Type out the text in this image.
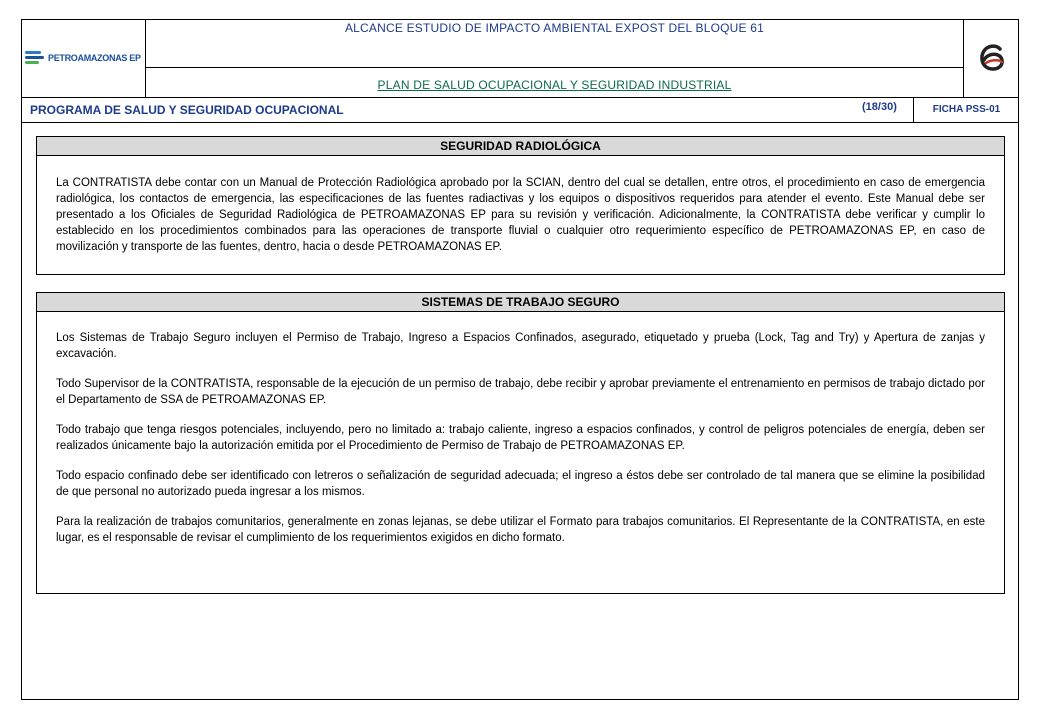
PETROAMAZONAS EP
ALCANCE ESTUDIO DE IMPACTO AMBIENTAL EXPOST DEL BLOQUE 61
PLAN DE SALUD OCUPACIONAL Y SEGURIDAD INDUSTRIAL
PROGRAMA DE SALUD Y SEGURIDAD OCUPACIONAL	(18/30)	FICHA PSS-01
SEGURIDAD RADIOLÓGICA

La CONTRATISTA debe contar con un Manual de Protección Radiológica aprobado por la SCIAN, dentro del cual se detallen, entre otros, el procedimiento en caso de emergencia radiológica, los contactos de emergencia, las especificaciones de las fuentes radiactivas y los equipos o dispositivos requeridos para atender el evento. Este Manual debe ser presentado a los Oficiales de Seguridad Radiológica de PETROAMAZONAS EP para su revisión y verificación. Adicionalmente, la CONTRATISTA debe verificar y cumplir lo establecido en los procedimientos combinados para las operaciones de transporte fluvial o cualquier otro requerimiento específico de PETROAMAZONAS EP, en caso de movilización y transporte de las fuentes, dentro, hacia o desde PETROAMAZONAS EP.

SISTEMAS DE TRABAJO SEGURO

Los Sistemas de Trabajo Seguro incluyen el Permiso de Trabajo, Ingreso a Espacios Confinados, asegurado, etiquetado y prueba (Lock, Tag and Try) y Apertura de zanjas y excavación.

Todo Supervisor de la CONTRATISTA, responsable de la ejecución de un permiso de trabajo, debe recibir y aprobar previamente el entrenamiento en permisos de trabajo dictado por el Departamento de SSA de PETROAMAZONAS EP.

Todo trabajo que tenga riesgos potenciales, incluyendo, pero no limitado a: trabajo caliente, ingreso a espacios confinados, y control de peligros potenciales de energía, deben ser realizados únicamente bajo la autorización emitida por el Procedimiento de Permiso de Trabajo de PETROAMAZONAS EP.

Todo espacio confinado debe ser identificado con letreros o señalización de seguridad adecuada; el ingreso a éstos debe ser controlado de tal manera que se elimine la posibilidad de que personal no autorizado pueda ingresar a los mismos.

Para la realización de trabajos comunitarios, generalmente en zonas lejanas, se debe utilizar el Formato para trabajos comunitarios. El Representante de la CONTRATISTA, en este lugar, es el responsable de revisar el cumplimiento de los requerimientos exigidos en dicho formato.
